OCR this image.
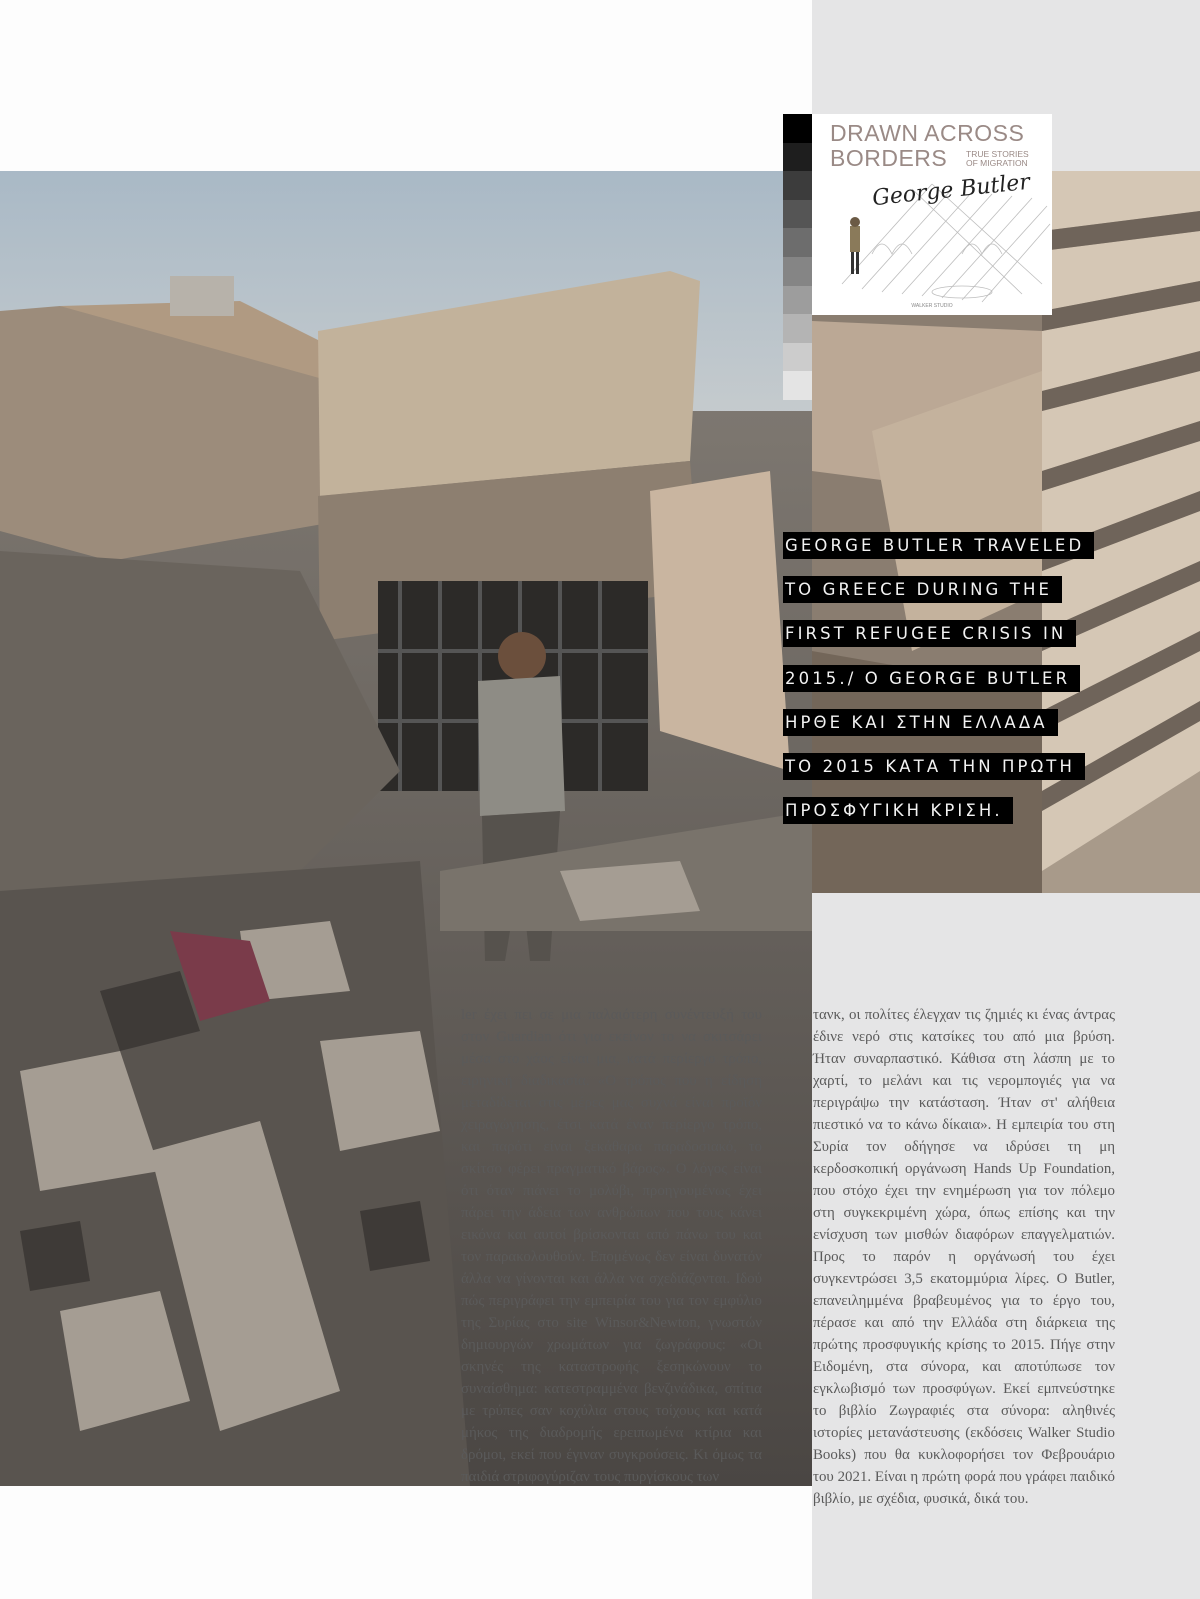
DRAWN ACROSS
BORDERS TRUE STORIES OF MIGRATION
George Butler
WALKER STUDIO
GEORGE BUTLER TRAVELED
TO GREECE DURING THE
FIRST REFUGEE CRISIS IN
2015./ Ο GEORGE BUTLER
ΗΡΘΕ ΚΑΙ ΣΤΗΝ ΕΛΛΑΔΑ
ΤΟ 2015 ΚΑΤΑ ΤΗΝ ΠΡΩΤΗ
ΠΡΟΣΦΥΓΙΚΗ ΚΡΙΣΗ.

ler έχει πει σε μια παλαιότερη συνέντευξή του στον Guardian ότι για εκείνον το να σκιτσάρει μέσα στο χάος είναι μια, κατά περίεργο τρόπο, ειρηνική διαδικασία. «Ο τρόπος που η είδηση μεταδίδεται στις μέρες μας συχνά είναι προϊόν χειραγώγησης, έτσι κατά έναν περίεργο τρόπο, και παρότι είναι ξεκάθαρα παραδοσιακό, το σκίτσο φέρει πραγματικό βάρος». Ο λόγος είναι ότι όταν πιάνει το μολύβι, προηγουμένως έχει πάρει την άδεια των ανθρώπων που τους κάνει εικόνα και αυτοί βρίσκονται από πάνω του και τον παρακολουθούν. Επομένως δεν είναι δυνατόν άλλα να γίνονται και άλλα να σχεδιάζονται. Ιδού πώς περιγράφει την εμπειρία του για τον εμφύλιο της Συρίας στο site Winsor&Newton, γνωστών δημιουργών χρωμάτων για ζωγράφους: «Οι σκηνές της καταστροφής ξεσηκώνουν το συναίσθημα: κατεστραμμένα βενζινάδικα, σπίτια με τρύπες σαν κοχύλια στους τοίχους και κατά μήκος της διαδρομής ερειπωμένα κτίρια και δρόμοι, εκεί που έγιναν συγκρούσεις. Κι όμως τα παιδιά στριφογύριζαν τους πυργίσκους των

τανκ, οι πολίτες έλεγχαν τις ζημιές κι ένας άντρας έδινε νερό στις κατσίκες του από μια βρύση. Ήταν συναρπαστικό. Κάθισα στη λάσπη με το χαρτί, το μελάνι και τις νερομπογιές για να περιγράψω την κατάσταση. Ήταν στ' αλήθεια πιεστικό να το κάνω δίκαια». Η εμπειρία του στη Συρία τον οδήγησε να ιδρύσει τη μη κερδοσκοπική οργάνωση Hands Up Foundation, που στόχο έχει την ενημέρωση για τον πόλεμο στη συγκεκριμένη χώρα, όπως επίσης και την ενίσχυση των μισθών διαφόρων επαγγελματιών. Προς το παρόν η οργάνωσή του έχει συγκεντρώσει 3,5 εκατομμύρια λίρες. Ο Butler, επανειλημμένα βραβευμένος για το έργο του, πέρασε και από την Ελλάδα στη διάρκεια της πρώτης προσφυγικής κρίσης το 2015. Πήγε στην Ειδομένη, στα σύνορα, και αποτύπωσε τον εγκλωβισμό των προσφύγων. Εκεί εμπνεύστηκε το βιβλίο Ζωγραφιές στα σύνορα: αληθινές ιστορίες μετανάστευσης (εκδόσεις Walker Studio Books) που θα κυκλοφορήσει τον Φεβρουάριο του 2021. Είναι η πρώτη φορά που γράφει παιδικό βιβλίο, με σχέδια, φυσικά, δικά του.
